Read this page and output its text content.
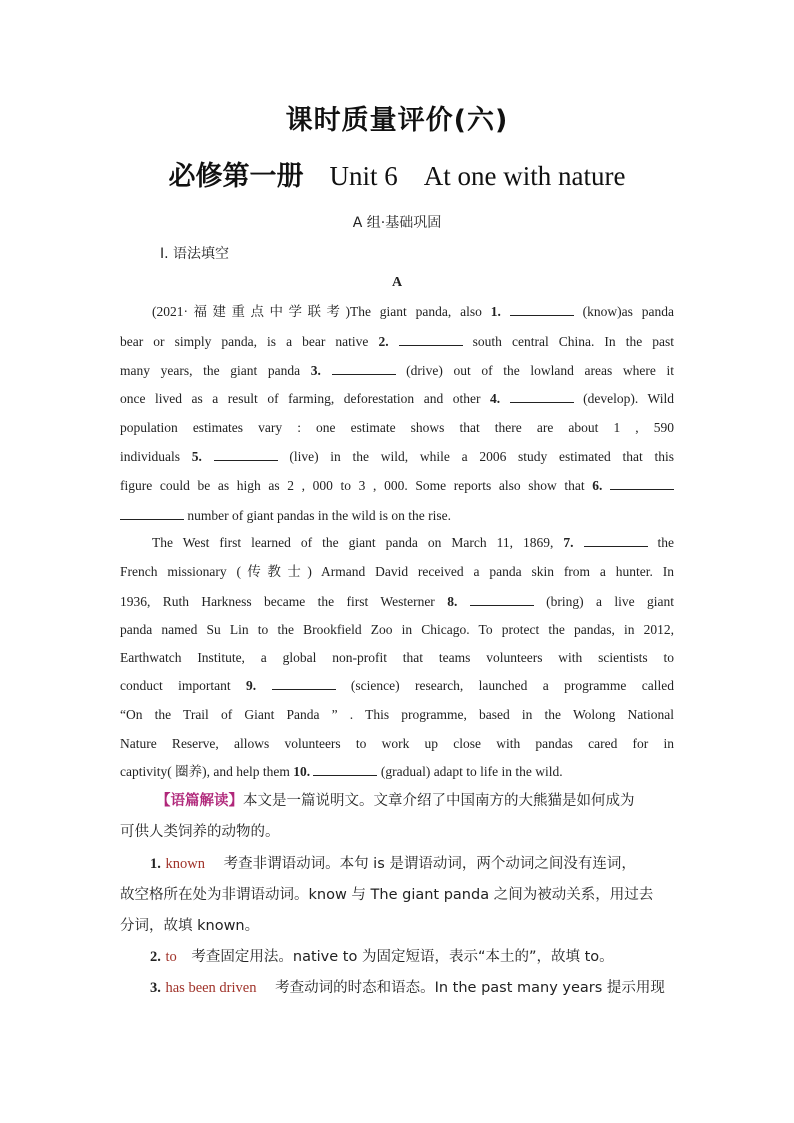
课时质量评价(六)
必修第一册 Unit 6 At one with nature
A 组·基础巩固
Ⅰ. 语法填空
A
(2021·福建重点中学联考)The giant panda, also 1.	(know)as panda
bear or simply panda, is a bear native 2.	south central China. In the past
many years, the giant panda 3.	(drive) out of the lowland areas where it
once lived as a result of farming, deforestation and other 4.	(develop). Wild
population estimates vary : one estimate shows that there are about 1 , 590
individuals 5.	(live) in the wild, while a 2006 study estimated that this
figure could be as high as 2 , 000 to 3 , 000. Some reports also show that 6.
number of giant pandas in the wild is on the rise.
The West first learned of the giant panda on March 11, 1869, 7.	the
French missionary (传教士) Armand David received a panda skin from a hunter. In
1936, Ruth Harkness became the first Westerner 8.	(bring) a live giant
panda named Su Lin to the Brookfield Zoo in Chicago. To protect the pandas, in 2012,
Earthwatch Institute, a global non-profit that teams volunteers with scientists to
conduct important 9.	(science) research, launched a programme called
“On the Trail of Giant Panda ” . This programme, based in the Wolong National
Nature Reserve, allows volunteers to work up close with pandas cared for in
captivity( 圈养), and help them 10.	(gradual) adapt to life in the wild.
【语篇解读】本文是一篇说明文。文章介绍了中国南方的大熊猫是如何成为
可供人类饲养的动物的。
1. known 考查非谓语动词。本句 is 是谓语动词，两个动词之间没有连词，
故空格所在处为非谓语动词。know 与 The giant panda 之间为被动关系，用过去
分词，故填 known。
2. to 考查固定用法。native to 为固定短语，表示“本土的”，故填 to。
3. has been driven 考查动词的时态和语态。In the past many years 提示用现
